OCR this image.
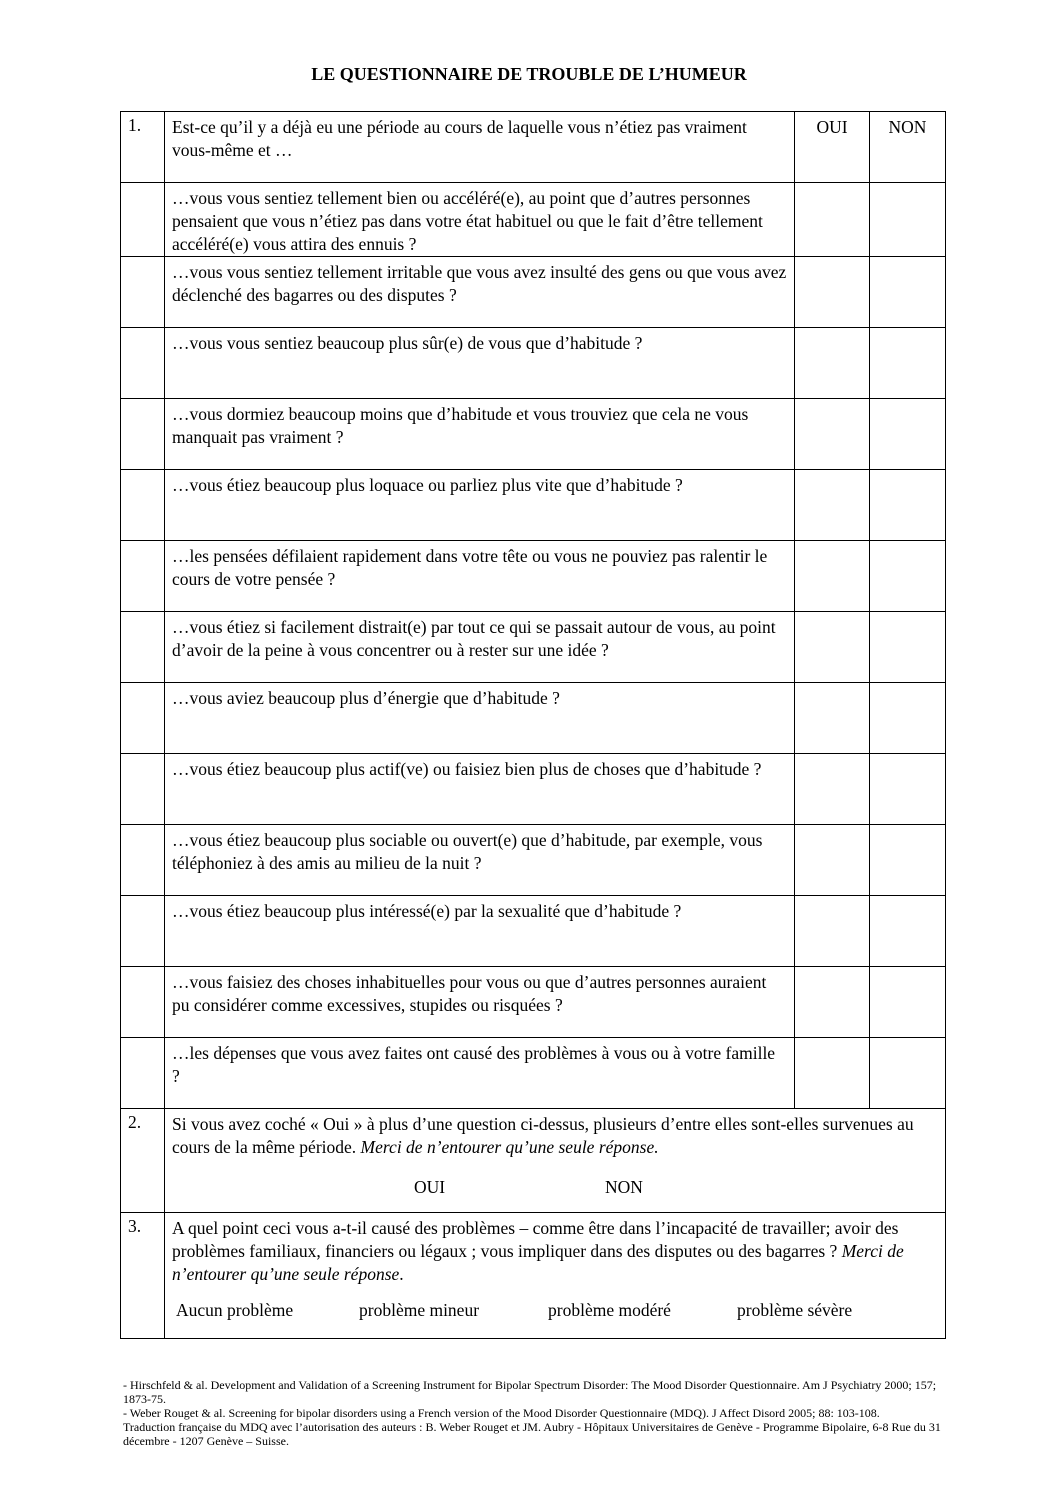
LE QUESTIONNAIRE DE TROUBLE DE L’HUMEUR
1.	Est-ce qu’il y a déjà eu une période au cours de laquelle vous n’étiez pas vraiment vous-même et …	OUI	NON
	…vous vous sentiez tellement bien ou accéléré(e), au point que d’autres personnes pensaient que vous n’étiez pas dans votre état habituel ou que le fait d’être tellement accéléré(e) vous attira des ennuis ?		
	…vous vous sentiez tellement irritable que vous avez insulté des gens ou que vous avez déclenché des bagarres ou des disputes ?		
	…vous vous sentiez beaucoup plus sûr(e) de vous que d’habitude ?		
	…vous dormiez beaucoup moins que d’habitude et vous trouviez que cela ne vous manquait pas vraiment ?		
	…vous étiez beaucoup plus loquace ou parliez plus vite que d’habitude ?		
	…les pensées défilaient rapidement dans votre tête ou vous ne pouviez pas ralentir le cours de votre pensée ?		
	…vous étiez si facilement distrait(e) par tout ce qui se passait autour de vous, au point d’avoir de la peine à vous concentrer ou à rester sur une idée ?		
	…vous aviez beaucoup plus d’énergie que d’habitude ?		
	…vous étiez beaucoup plus actif(ve) ou faisiez bien plus de choses que d’habitude ?		
	…vous étiez beaucoup plus sociable ou ouvert(e) que d’habitude, par exemple, vous téléphoniez à des amis au milieu de la nuit ?		
	…vous étiez beaucoup plus intéressé(e) par la sexualité que d’habitude ?		
	…vous faisiez des choses inhabituelles pour vous ou que d’autres personnes auraient pu considérer comme excessives, stupides ou risquées ?		
	…les dépenses que vous avez faites ont causé des problèmes à vous ou à votre famille ?		
2.	Si vous avez coché « Oui » à plus d’une question ci-dessus, plusieurs d’entre elles sont-elles survenues au cours de la même période. Merci de n’entourer qu’une seule réponse.
OUI NON		

3.	A quel point ceci vous a-t-il causé des problèmes – comme être dans l’incapacité de travailler; avoir des problèmes familiaux, financiers ou légaux ; vous impliquer dans des disputes ou des bagarres ? Merci de n’entourer qu’une seule réponse.
Aucun problème problème mineur problème modéré problème sévère		

- Hirschfeld & al. Development and Validation of a Screening Instrument for Bipolar Spectrum Disorder: The Mood Disorder Questionnaire. Am J Psychiatry 2000; 157; 1873-75.

- Weber Rouget & al. Screening for bipolar disorders using a French version of the Mood Disorder Questionnaire (MDQ). J Affect Disord 2005; 88: 103-108.

Traduction française du MDQ avec l’autorisation des auteurs : B. Weber Rouget et JM. Aubry - Hôpitaux Universitaires de Genève - Programme Bipolaire, 6-8 Rue du 31 décembre - 1207 Genève – Suisse.
